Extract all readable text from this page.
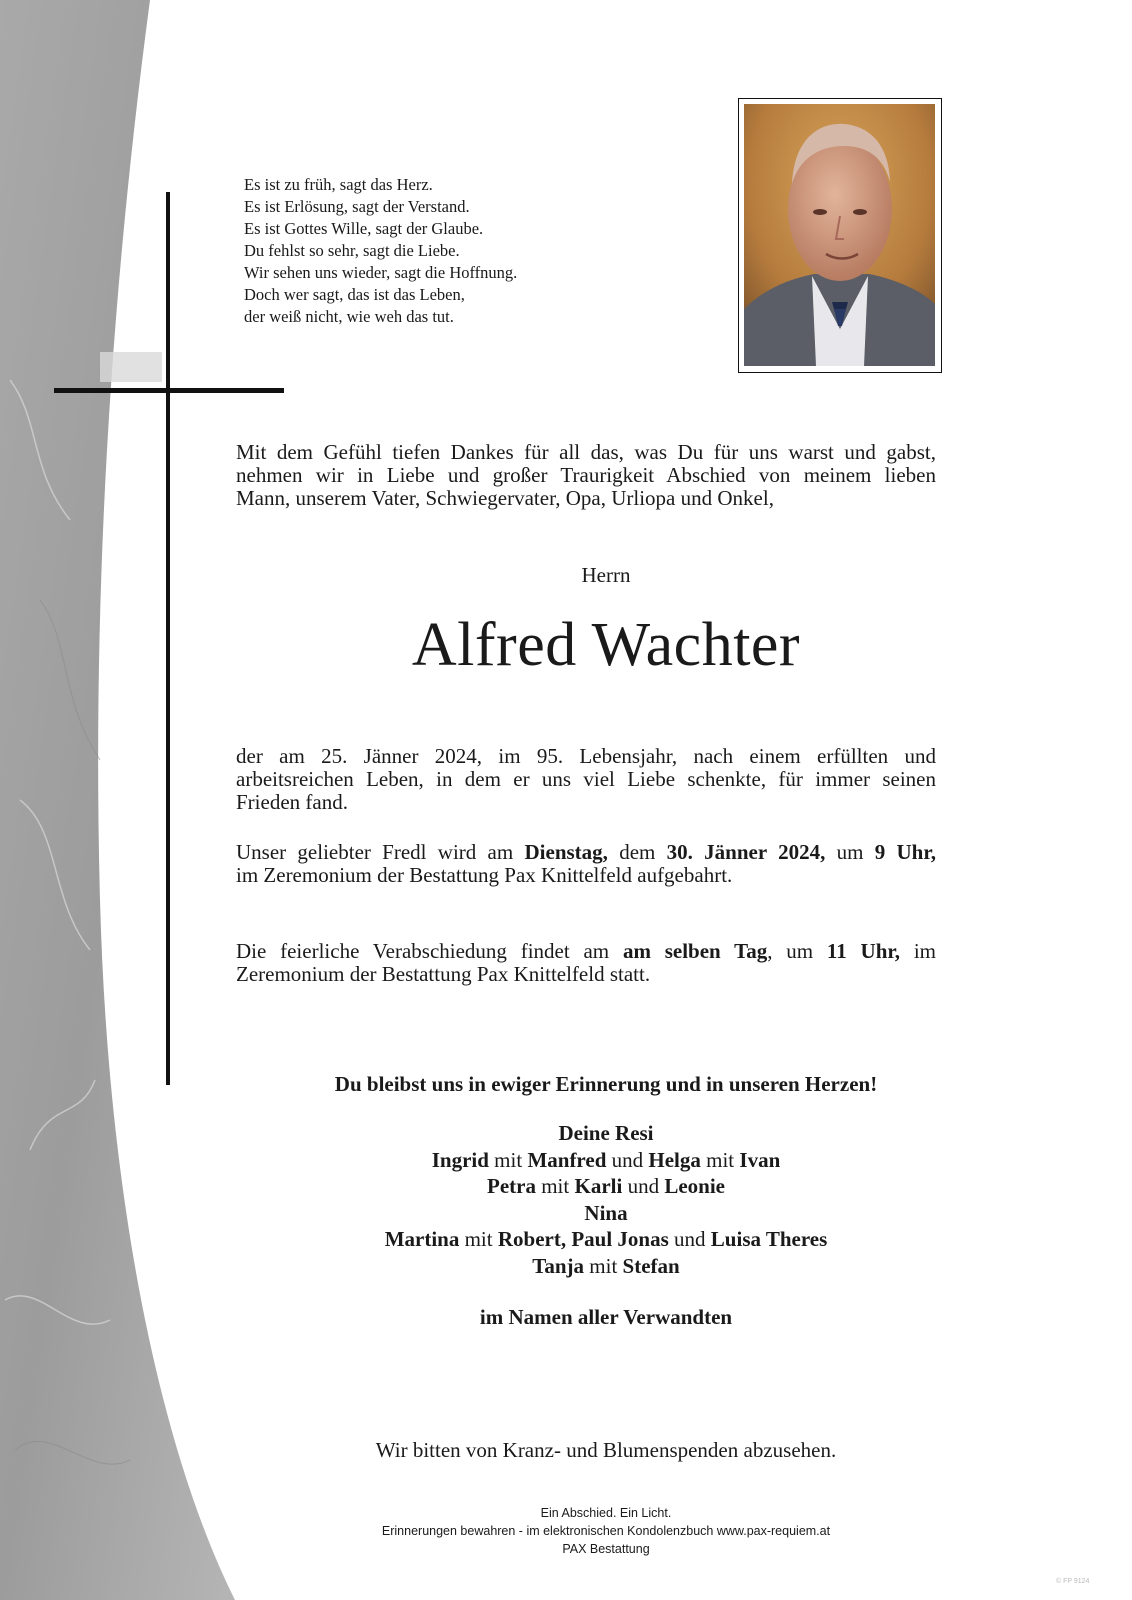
Es ist zu früh, sagt das Herz.
Es ist Erlösung, sagt der Verstand.
Es ist Gottes Wille, sagt der Glaube.
Du fehlst so sehr, sagt die Liebe.
Wir sehen uns wieder, sagt die Hoffnung.
Doch wer sagt, das ist das Leben,
der weiß nicht, wie weh das tut.
Mit dem Gefühl tiefen Dankes für all das, was Du für uns warst und gabst,
nehmen wir in Liebe und großer Traurigkeit Abschied von meinem lieben
Mann, unserem Vater, Schwiegervater, Opa, Urliopa und Onkel,
Herrn
Alfred Wachter
der am 25. Jänner 2024, im 95. Lebensjahr, nach einem erfüllten und
arbeitsreichen Leben, in dem er uns viel Liebe schenkte, für immer seinen
Frieden fand.
Unser geliebter Fredl wird am Dienstag, dem 30. Jänner 2024, um 9 Uhr,
im Zeremonium der Bestattung Pax Knittelfeld aufgebahrt.
Die feierliche Verabschiedung findet am am selben Tag, um 11 Uhr, im
Zeremonium der Bestattung Pax Knittelfeld statt.
Du bleibst uns in ewiger Erinnerung und in unseren Herzen!
Deine Resi
Ingrid mit Manfred und Helga mit Ivan
Petra mit Karli und Leonie
Nina
Martina mit Robert, Paul Jonas und Luisa Theres
Tanja mit Stefan
im Namen aller Verwandten
Wir bitten von Kranz- und Blumenspenden abzusehen.
Ein Abschied. Ein Licht.
Erinnerungen bewahren - im elektronischen Kondolenzbuch www.pax-requiem.at
PAX Bestattung
© FP 9124
